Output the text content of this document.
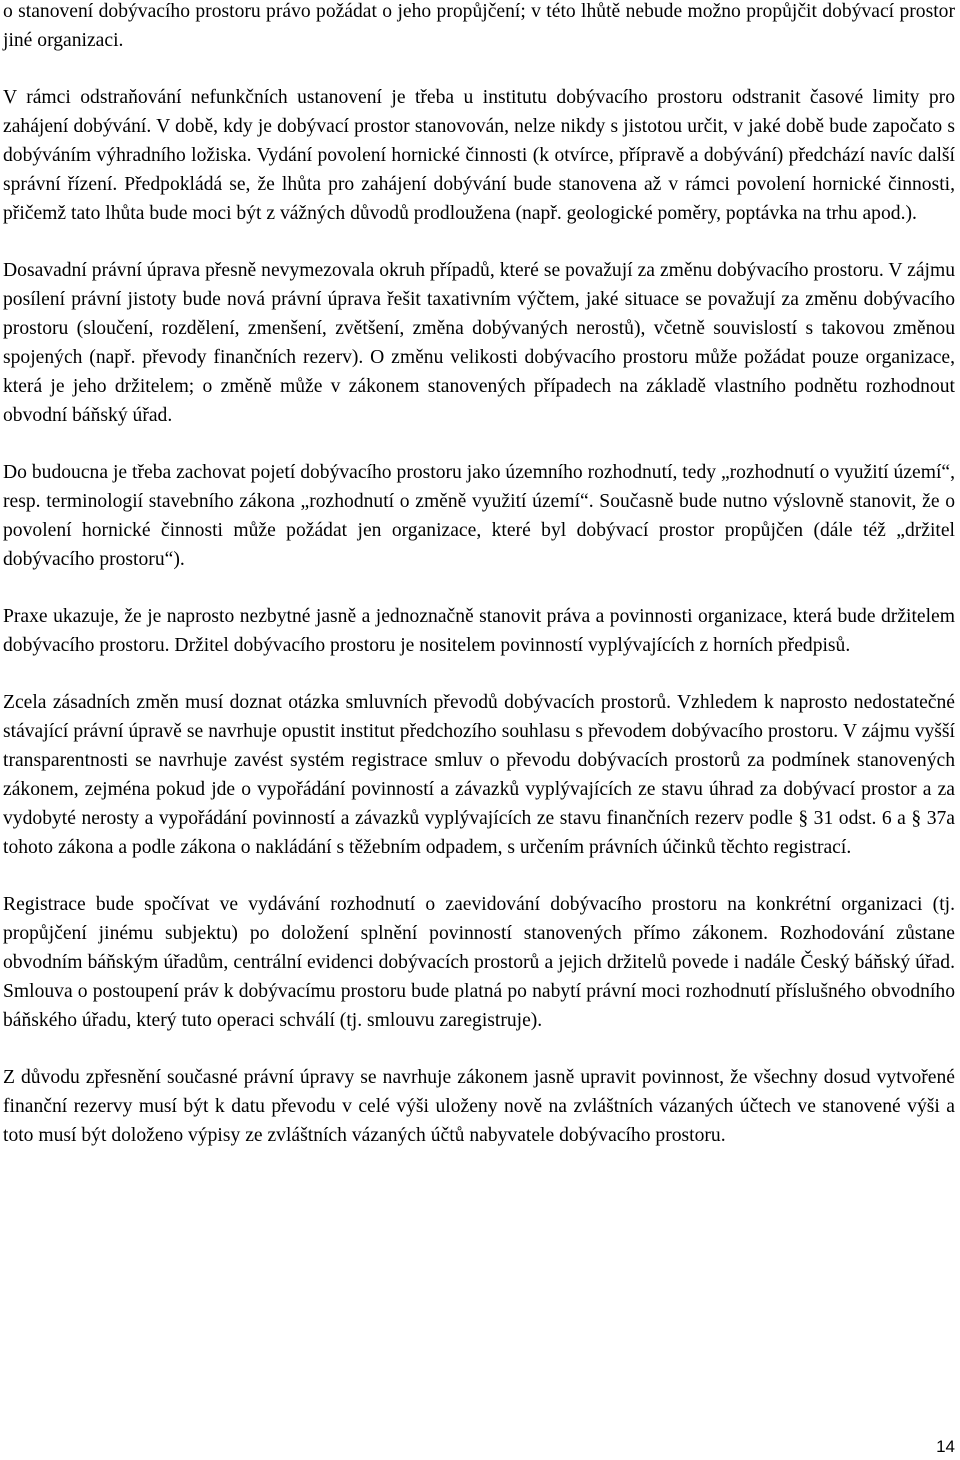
o stanovení dobývacího prostoru právo požádat o jeho propůjčení; v této lhůtě nebude možno propůjčit dobývací prostor jiné organizaci.

V rámci odstraňování nefunkčních ustanovení je třeba u institutu dobývacího prostoru odstranit časové limity pro zahájení dobývání. V době, kdy je dobývací prostor stanovován, nelze nikdy s jistotou určit, v jaké době bude započato s dobýváním výhradního ložiska. Vydání povolení hornické činnosti (k otvírce, přípravě a dobývání) předchází navíc další správní řízení. Předpokládá se, že lhůta pro zahájení dobývání bude stanovena až v rámci povolení hornické činnosti, přičemž tato lhůta bude moci být z vážných důvodů prodloužena (např. geologické poměry, poptávka na trhu apod.).

Dosavadní právní úprava přesně nevymezovala okruh případů, které se považují za změnu dobývacího prostoru. V zájmu posílení právní jistoty bude nová právní úprava řešit taxativním výčtem, jaké situace se považují za změnu dobývacího prostoru (sloučení, rozdělení, zmenšení, zvětšení, změna dobývaných nerostů), včetně souvislostí s takovou změnou spojených (např. převody finančních rezerv). O změnu velikosti dobývacího prostoru může požádat pouze organizace, která je jeho držitelem; o změně může v zákonem stanovených případech na základě vlastního podnětu rozhodnout obvodní báňský úřad.

Do budoucna je třeba zachovat pojetí dobývacího prostoru jako územního rozhodnutí, tedy „rozhodnutí o využití území“, resp. terminologií stavebního zákona „rozhodnutí o změně využití území“. Současně bude nutno výslovně stanovit, že o povolení hornické činnosti může požádat jen organizace, které byl dobývací prostor propůjčen (dále též „držitel dobývacího prostoru“).

Praxe ukazuje, že je naprosto nezbytné jasně a jednoznačně stanovit práva a povinnosti organizace, která bude držitelem dobývacího prostoru. Držitel dobývacího prostoru je nositelem povinností vyplývajících z horních předpisů.

Zcela zásadních změn musí doznat otázka smluvních převodů dobývacích prostorů. Vzhledem k naprosto nedostatečné stávající právní úpravě se navrhuje opustit institut předchozího souhlasu s převodem dobývacího prostoru. V zájmu vyšší transparentnosti se navrhuje zavést systém registrace smluv o převodu dobývacích prostorů za podmínek stanovených zákonem, zejména pokud jde o vypořádání povinností a závazků vyplývajících ze stavu úhrad za dobývací prostor a za vydobyté nerosty a vypořádání povinností a závazků vyplývajících ze stavu finančních rezerv podle § 31 odst. 6 a § 37a tohoto zákona a podle zákona o nakládání s těžebním odpadem, s určením právních účinků těchto registrací.

Registrace bude spočívat ve vydávání rozhodnutí o zaevidování dobývacího prostoru na konkrétní organizaci (tj. propůjčení jinému subjektu) po doložení splnění povinností stanovených přímo zákonem. Rozhodování zůstane obvodním báňským úřadům, centrální evidenci dobývacích prostorů a jejich držitelů povede i nadále Český báňský úřad. Smlouva o postoupení práv k dobývacímu prostoru bude platná po nabytí právní moci rozhodnutí příslušného obvodního báňského úřadu, který tuto operaci schválí (tj. smlouvu zaregistruje).

Z důvodu zpřesnění současné právní úpravy se navrhuje zákonem jasně upravit povinnost, že všechny dosud vytvořené finanční rezervy musí být k datu převodu v celé výši uloženy nově na zvláštních vázaných účtech ve stanovené výši a toto musí být doloženo výpisy ze zvláštních vázaných účtů nabyvatele dobývacího prostoru.

14
